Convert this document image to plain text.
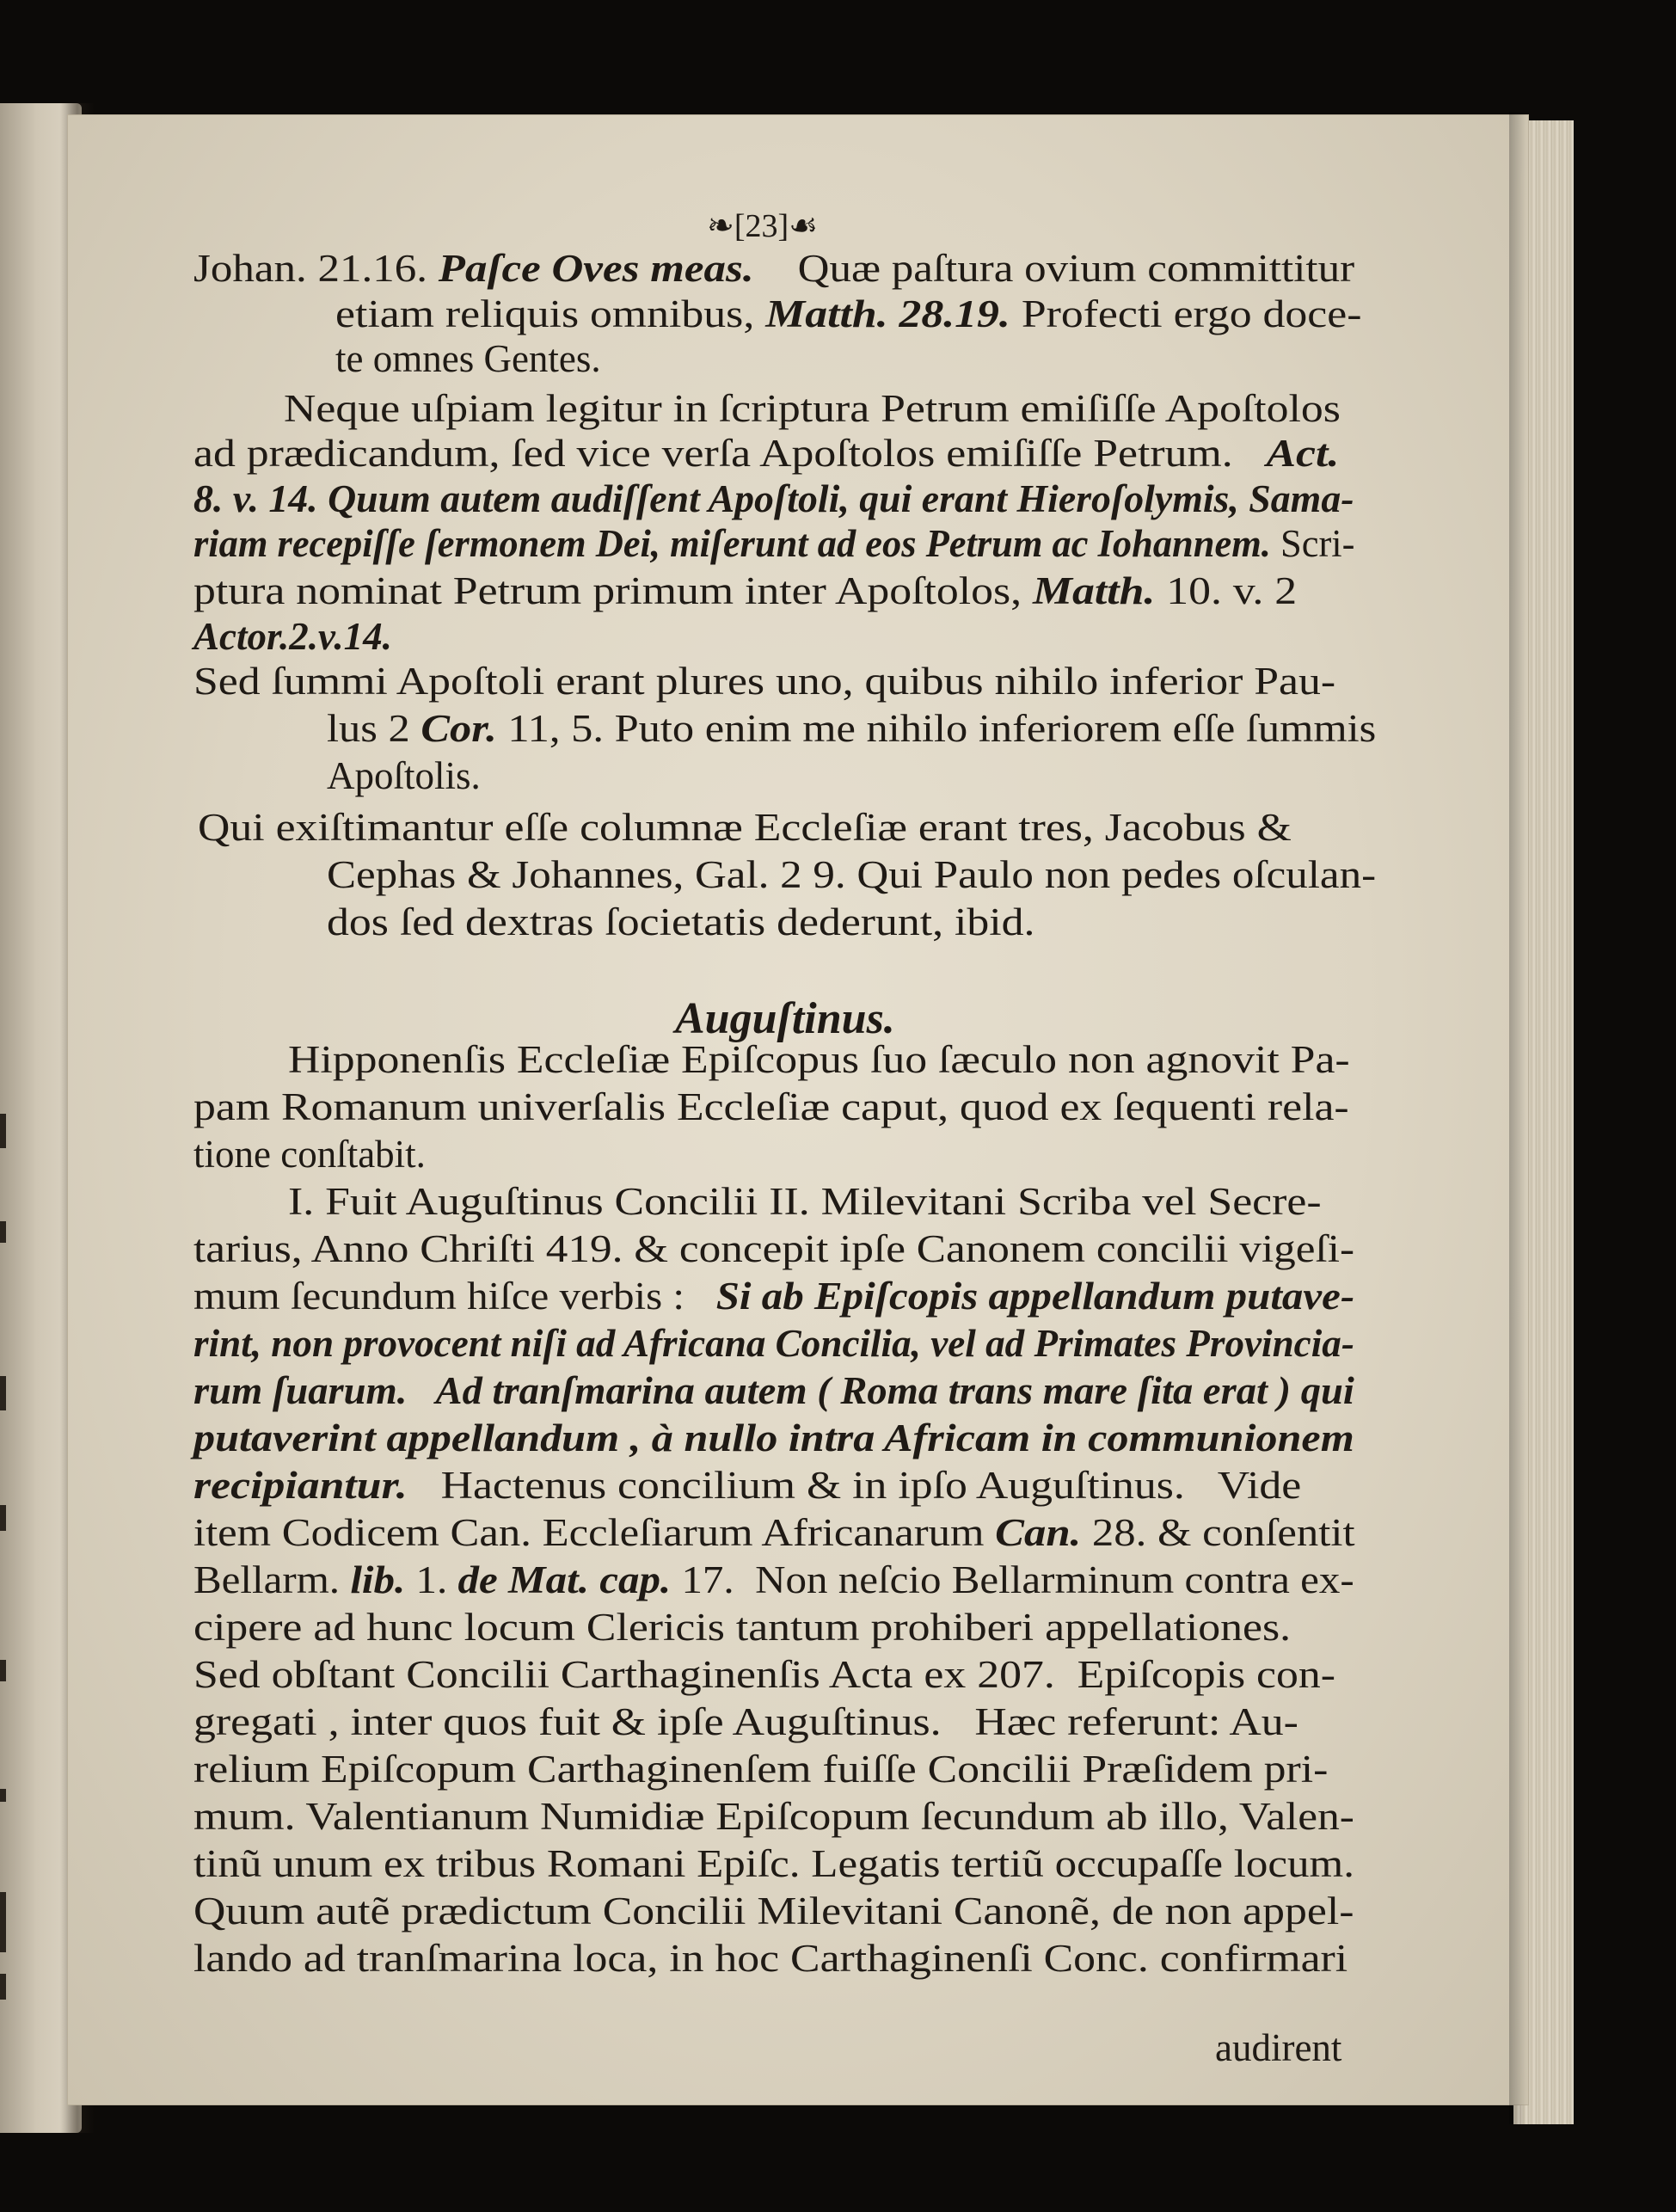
❧[23]☙
Johan. 21.16. Paſce Oves meas.    Quæ paſtura ovium committitur
etiam reliquis omnibus, Matth. 28.19. Profecti ergo doce-
te omnes Gentes.
Neque uſpiam legitur in ſcriptura Petrum emiſiſſe Apoſtolos
ad prædicandum, ſed vice verſa Apoſtolos emiſiſſe Petrum.   Act.
8. v. 14. Quum autem audiſſent Apoſtoli, qui erant Hieroſolymis, Sama-
riam recepiſſe ſermonem Dei, miſerunt ad eos Petrum ac Iohannem. Scri-
ptura nominat Petrum primum inter Apoſtolos, Matth. 10. v. 2
Actor.2.v.14.
Sed ſummi Apoſtoli erant plures uno, quibus nihilo inferior Pau-
lus 2 Cor. 11, 5. Puto enim me nihilo inferiorem eſſe ſummis
Apoſtolis.
Qui exiſtimantur eſſe columnæ Eccleſiæ erant tres, Jacobus &
Cephas & Johannes, Gal. 2 9. Qui Paulo non pedes oſculan-
dos ſed dextras ſocietatis dederunt, ibid.
Hipponenſis Eccleſiæ Epiſcopus ſuo ſæculo non agnovit Pa-
pam Romanum univerſalis Eccleſiæ caput, quod ex ſequenti rela-
tione conſtabit.
I. Fuit Auguſtinus Concilii II. Milevitani Scriba vel Secre-
tarius, Anno Chriſti 419. & concepit ipſe Canonem concilii vigeſi-
mum ſecundum hiſce verbis :   Si ab Epiſcopis appellandum putave-
rint, non provocent niſi ad Africana Concilia, vel ad Primates Provincia-
rum ſuarum.   Ad tranſmarina autem ( Roma trans mare ſita erat ) qui
putaverint appellandum , à nullo intra Africam in communionem
recipiantur.   Hactenus concilium & in ipſo Auguſtinus.   Vide
item Codicem Can. Eccleſiarum Africanarum Can. 28. & conſentit
Bellarm. lib. 1. de Mat. cap. 17.  Non neſcio Bellarminum contra ex-
cipere ad hunc locum Clericis tantum prohiberi appellationes.
Sed obſtant Concilii Carthaginenſis Acta ex 207.  Epiſcopis con-
gregati , inter quos fuit & ipſe Auguſtinus.   Hæc referunt: Au-
relium Epiſcopum Carthaginenſem fuiſſe Concilii Præſidem pri-
mum. Valentianum Numidiæ Epiſcopum ſecundum ab illo, Valen-
tinũ unum ex tribus Romani Epiſc. Legatis tertiũ occupaſſe locum.
Quum autẽ prædictum Concilii Milevitani Canonẽ, de non appel-
lando ad tranſmarina loca, in hoc Carthaginenſi Conc. confirmari
Auguſtinus.
audirent
